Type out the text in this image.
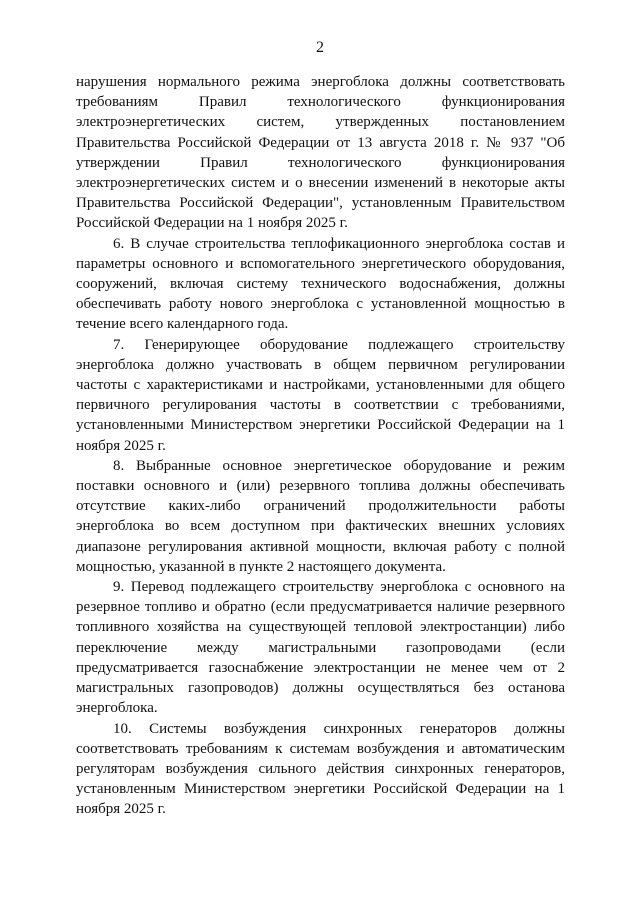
2

нарушения нормального режима энергоблока должны соответствовать требованиям Правил технологического функционирования электроэнергетических систем, утвержденных постановлением Правительства Российской Федерации от 13 августа 2018 г. № 937 "Об утверждении Правил технологического функционирования электроэнергетических систем и о внесении изменений в некоторые акты Правительства Российской Федерации", установленным Правительством Российской Федерации на 1 ноября 2025 г.

6. В случае строительства теплофикационного энергоблока состав и параметры основного и вспомогательного энергетического оборудования, сооружений, включая систему технического водоснабжения, должны обеспечивать работу нового энергоблока с установленной мощностью в течение всего календарного года.

7. Генерирующее оборудование подлежащего строительству энергоблока должно участвовать в общем первичном регулировании частоты с характеристиками и настройками, установленными для общего первичного регулирования частоты в соответствии с требованиями, установленными Министерством энергетики Российской Федерации на 1 ноября 2025 г.

8. Выбранные основное энергетическое оборудование и режим поставки основного и (или) резервного топлива должны обеспечивать отсутствие каких-либо ограничений продолжительности работы энергоблока во всем доступном при фактических внешних условиях диапазоне регулирования активной мощности, включая работу с полной мощностью, указанной в пункте 2 настоящего документа.

9. Перевод подлежащего строительству энергоблока с основного на резервное топливо и обратно (если предусматривается наличие резервного топливного хозяйства на существующей тепловой электростанции) либо переключение между магистральными газопроводами (если предусматривается газоснабжение электростанции не менее чем от 2 магистральных газопроводов) должны осуществляться без останова энергоблока.

10. Системы возбуждения синхронных генераторов должны соответствовать требованиям к системам возбуждения и автоматическим регуляторам возбуждения сильного действия синхронных генераторов, установленным Министерством энергетики Российской Федерации на 1 ноября 2025 г.
